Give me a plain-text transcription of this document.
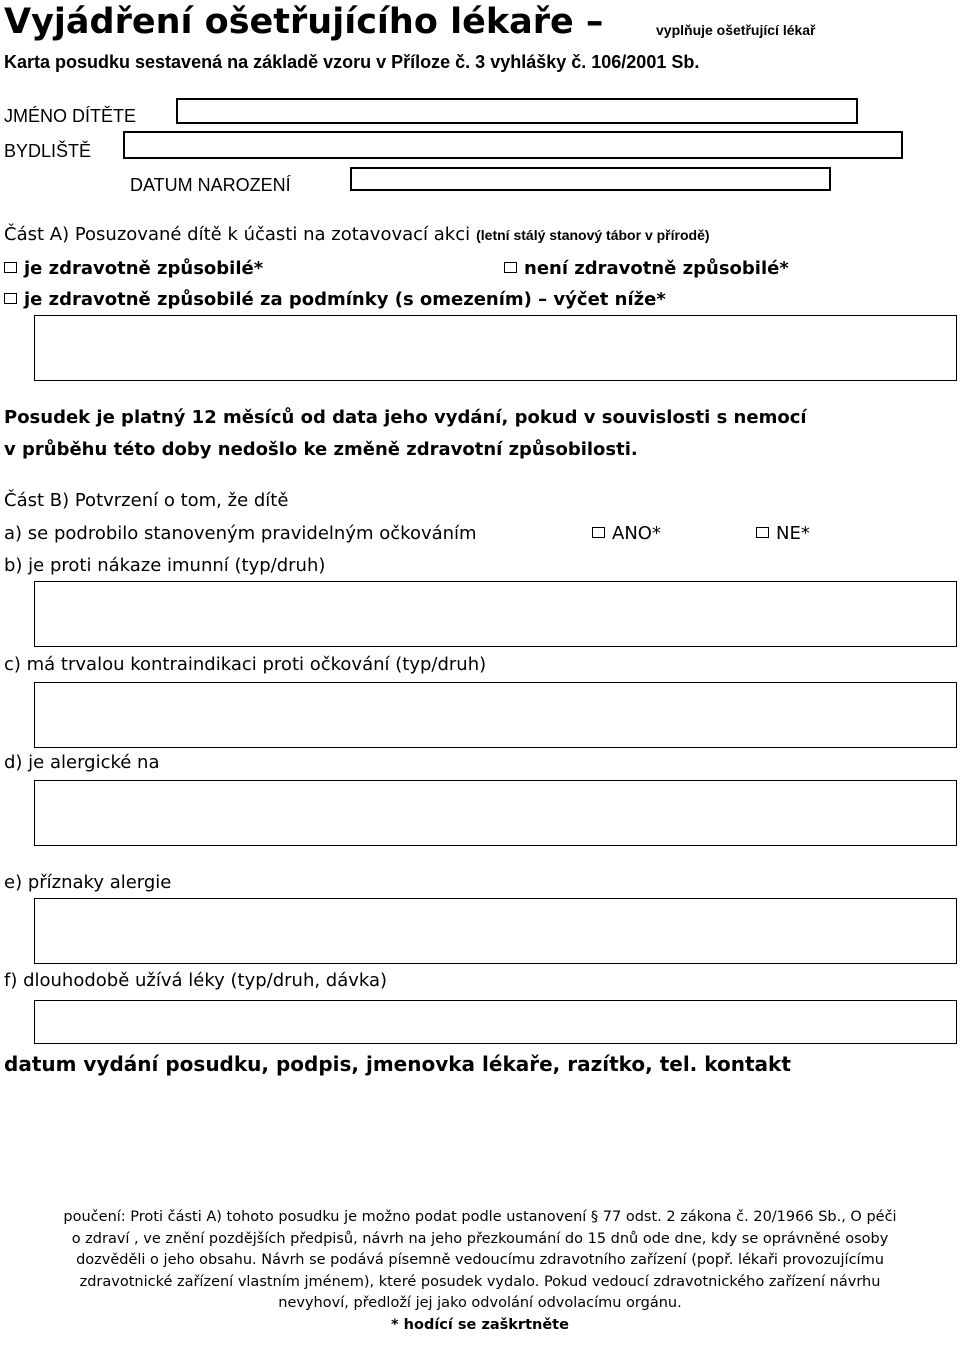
Vyjádření ošetřujícího lékaře –	vyplňuje ošetřující lékař
Karta posudku sestavená na základě vzoru v Příloze č. 3 vyhlášky č. 106/2001 Sb.
JMÉNO DÍTĚTE
BYDLIŠTĚ
DATUM NAROZENÍ
Část A) Posuzované dítě k účasti na zotavovací akci (letní stálý stanový tábor v přírodě)
je zdravotně způsobilé*	není zdravotně způsobilé*
je zdravotně způsobilé za podmínky (s omezením) – výčet níže*
Posudek je platný 12 měsíců od data jeho vydání, pokud v souvislosti s nemocí
v průběhu této doby nedošlo ke změně zdravotní způsobilosti.
Část B) Potvrzení o tom, že dítě
a) se podrobilo stanoveným pravidelným očkováním	ANO*	NE*
b) je proti nákaze imunní (typ/druh)
c) má trvalou kontraindikaci proti očkování (typ/druh)
d) je alergické na
e) příznaky alergie
f) dlouhodobě užívá léky (typ/druh, dávka)
datum vydání posudku, podpis, jmenovka lékaře, razítko, tel. kontakt
poučení: Proti části A) tohoto posudku je možno podat podle ustanovení § 77 odst. 2 zákona č. 20/1966 Sb., O péči
o zdraví , ve znění pozdějších předpisů, návrh na jeho přezkoumání do 15 dnů ode dne, kdy se oprávněné osoby
dozvěděli o jeho obsahu. Návrh se podává písemně vedoucímu zdravotního zařízení (popř. lékaři provozujícímu
zdravotnické zařízení vlastním jménem), které posudek vydalo. Pokud vedoucí zdravotnického zařízení návrhu
nevyhoví, předloží jej jako odvolání odvolacímu orgánu.
* hodící se zaškrtněte
